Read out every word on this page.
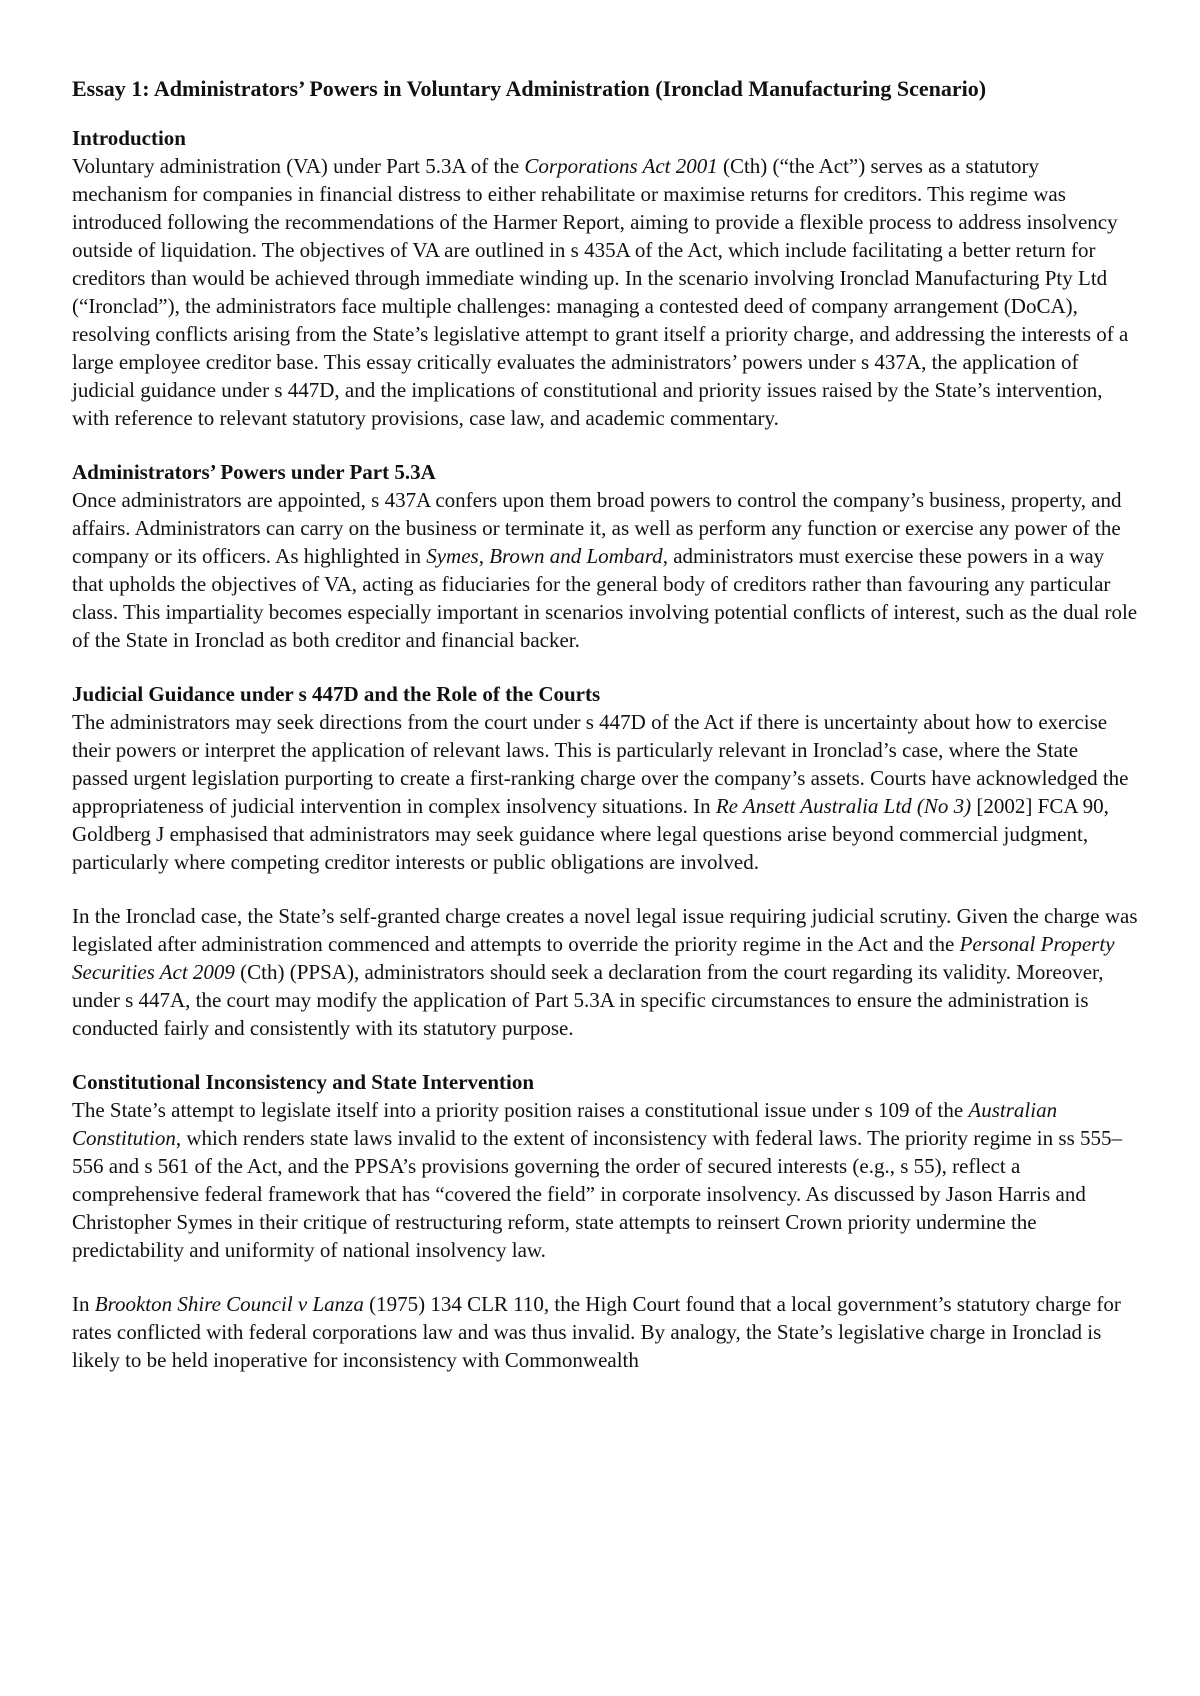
Essay 1: Administrators’ Powers in Voluntary Administration (Ironclad Manufacturing Scenario)
Introduction

Voluntary administration (VA) under Part 5.3A of the Corporations Act 2001 (Cth) (“the Act”) serves as a statutory mechanism for companies in financial distress to either rehabilitate or maximise returns for creditors. This regime was introduced following the recommendations of the Harmer Report, aiming to provide a flexible process to address insolvency outside of liquidation. The objectives of VA are outlined in s 435A of the Act, which include facilitating a better return for creditors than would be achieved through immediate winding up. In the scenario involving Ironclad Manufacturing Pty Ltd (“Ironclad”), the administrators face multiple challenges: managing a contested deed of company arrangement (DoCA), resolving conflicts arising from the State’s legislative attempt to grant itself a priority charge, and addressing the interests of a large employee creditor base. This essay critically evaluates the administrators’ powers under s 437A, the application of judicial guidance under s 447D, and the implications of constitutional and priority issues raised by the State’s intervention, with reference to relevant statutory provisions, case law, and academic commentary.

Administrators’ Powers under Part 5.3A

Once administrators are appointed, s 437A confers upon them broad powers to control the company’s business, property, and affairs. Administrators can carry on the business or terminate it, as well as perform any function or exercise any power of the company or its officers. As highlighted in Symes, Brown and Lombard, administrators must exercise these powers in a way that upholds the objectives of VA, acting as fiduciaries for the general body of creditors rather than favouring any particular class. This impartiality becomes especially important in scenarios involving potential conflicts of interest, such as the dual role of the State in Ironclad as both creditor and financial backer.

Judicial Guidance under s 447D and the Role of the Courts

The administrators may seek directions from the court under s 447D of the Act if there is uncertainty about how to exercise their powers or interpret the application of relevant laws. This is particularly relevant in Ironclad’s case, where the State passed urgent legislation purporting to create a first-ranking charge over the company’s assets. Courts have acknowledged the appropriateness of judicial intervention in complex insolvency situations. In Re Ansett Australia Ltd (No 3) [2002] FCA 90, Goldberg J emphasised that administrators may seek guidance where legal questions arise beyond commercial judgment, particularly where competing creditor interests or public obligations are involved.

In the Ironclad case, the State’s self-granted charge creates a novel legal issue requiring judicial scrutiny. Given the charge was legislated after administration commenced and attempts to override the priority regime in the Act and the Personal Property Securities Act 2009 (Cth) (PPSA), administrators should seek a declaration from the court regarding its validity. Moreover, under s 447A, the court may modify the application of Part 5.3A in specific circumstances to ensure the administration is conducted fairly and consistently with its statutory purpose.

Constitutional Inconsistency and State Intervention

The State’s attempt to legislate itself into a priority position raises a constitutional issue under s 109 of the Australian Constitution, which renders state laws invalid to the extent of inconsistency with federal laws. The priority regime in ss 555–556 and s 561 of the Act, and the PPSA’s provisions governing the order of secured interests (e.g., s 55), reflect a comprehensive federal framework that has “covered the field” in corporate insolvency. As discussed by Jason Harris and Christopher Symes in their critique of restructuring reform, state attempts to reinsert Crown priority undermine the predictability and uniformity of national insolvency law.

In Brookton Shire Council v Lanza (1975) 134 CLR 110, the High Court found that a local government’s statutory charge for rates conflicted with federal corporations law and was thus invalid. By analogy, the State’s legislative charge in Ironclad is likely to be held inoperative for inconsistency with Commonwealth
